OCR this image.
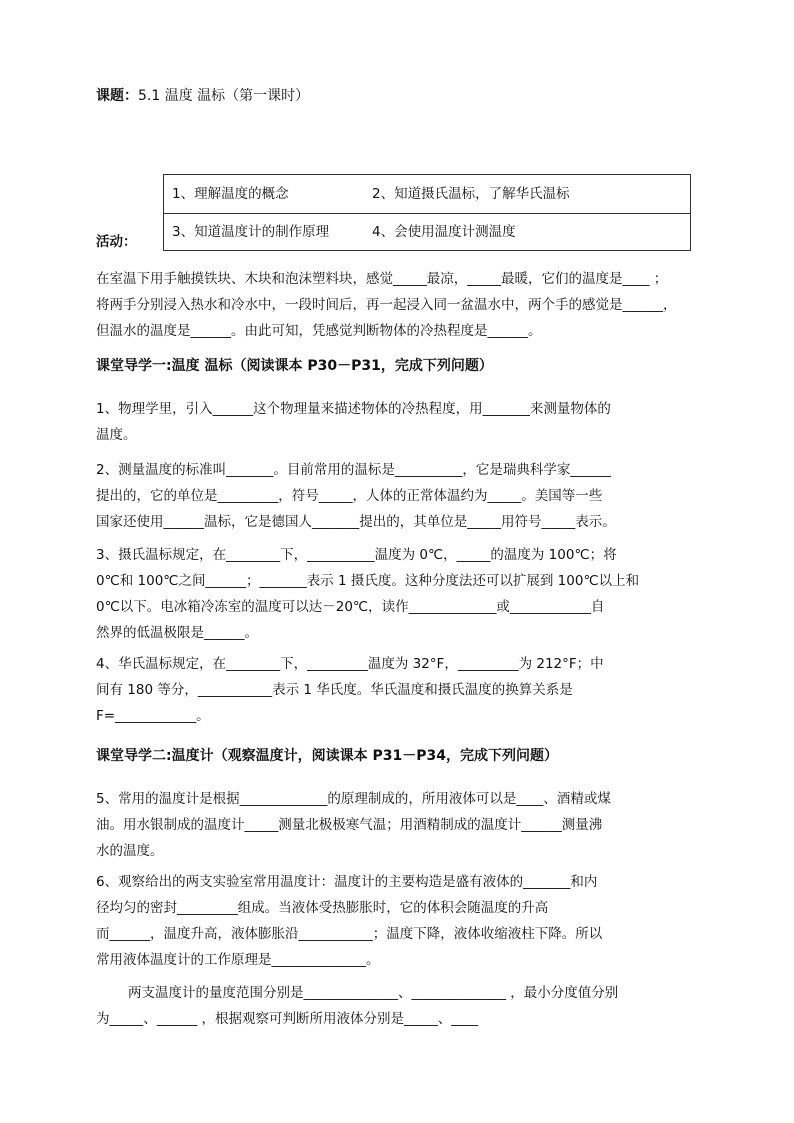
课题：5.1 温度 温标（第一课时）
1、理解温度的概念	2、知道摄氏温标，了解华氏温标
3、知道温度计的制作原理	4、会使用温度计测温度
活动：
在室温下用手触摸铁块、木块和泡沫塑料块，感觉_____最凉，_____最暖，它们的温度是____ ；
将两手分别浸入热水和冷水中，一段时间后，再一起浸入同一盆温水中，两个手的感觉是______，
但温水的温度是______。由此可知，凭感觉判断物体的冷热程度是______。
课堂导学一:温度 温标（阅读课本 P30－P31，完成下列问题）
1、物理学里，引入______这个物理量来描述物体的冷热程度，用_______来测量物体的
温度。
2、测量温度的标准叫_______。目前常用的温标是__________，它是瑞典科学家______
提出的，它的单位是_________，符号_____，人体的正常体温约为_____。美国等一些
国家还使用______温标，它是德国人_______提出的，其单位是_____用符号_____表示。
3、摄氏温标规定，在________下，__________温度为 0℃，_____的温度为 100℃；将
0℃和 100℃之间______；_______表示 1 摄氏度。这种分度法还可以扩展到 100℃以上和
0℃以下。电冰箱冷冻室的温度可以达－20℃，读作_____________或____________自
然界的低温极限是______。
4、华氏温标规定，在________下，_________温度为 32°F，_________为 212°F；中
间有 180 等分，___________表示 1 华氏度。华氏温度和摄氏温度的换算关系是
F=____________。
课堂导学二:温度计（观察温度计，阅读课本 P31－P34，完成下列问题）
5、常用的温度计是根据_____________的原理制成的，所用液体可以是____、酒精或煤
油。用水银制成的温度计_____测量北极极寒气温；用酒精制成的温度计______测量沸
水的温度。
6、观察给出的两支实验室常用温度计：温度计的主要构造是盛有液体的_______和内
径均匀的密封_________组成。当液体受热膨胀时，它的体积会随温度的升高
而______，温度升高，液体膨胀沿___________；温度下降，液体收缩液柱下降。所以
常用液体温度计的工作原理是______________。
两支温度计的量度范围分别是______________、______________ ，最小分度值分别
为_____、______ ，根据观察可判断所用液体分别是_____、____
